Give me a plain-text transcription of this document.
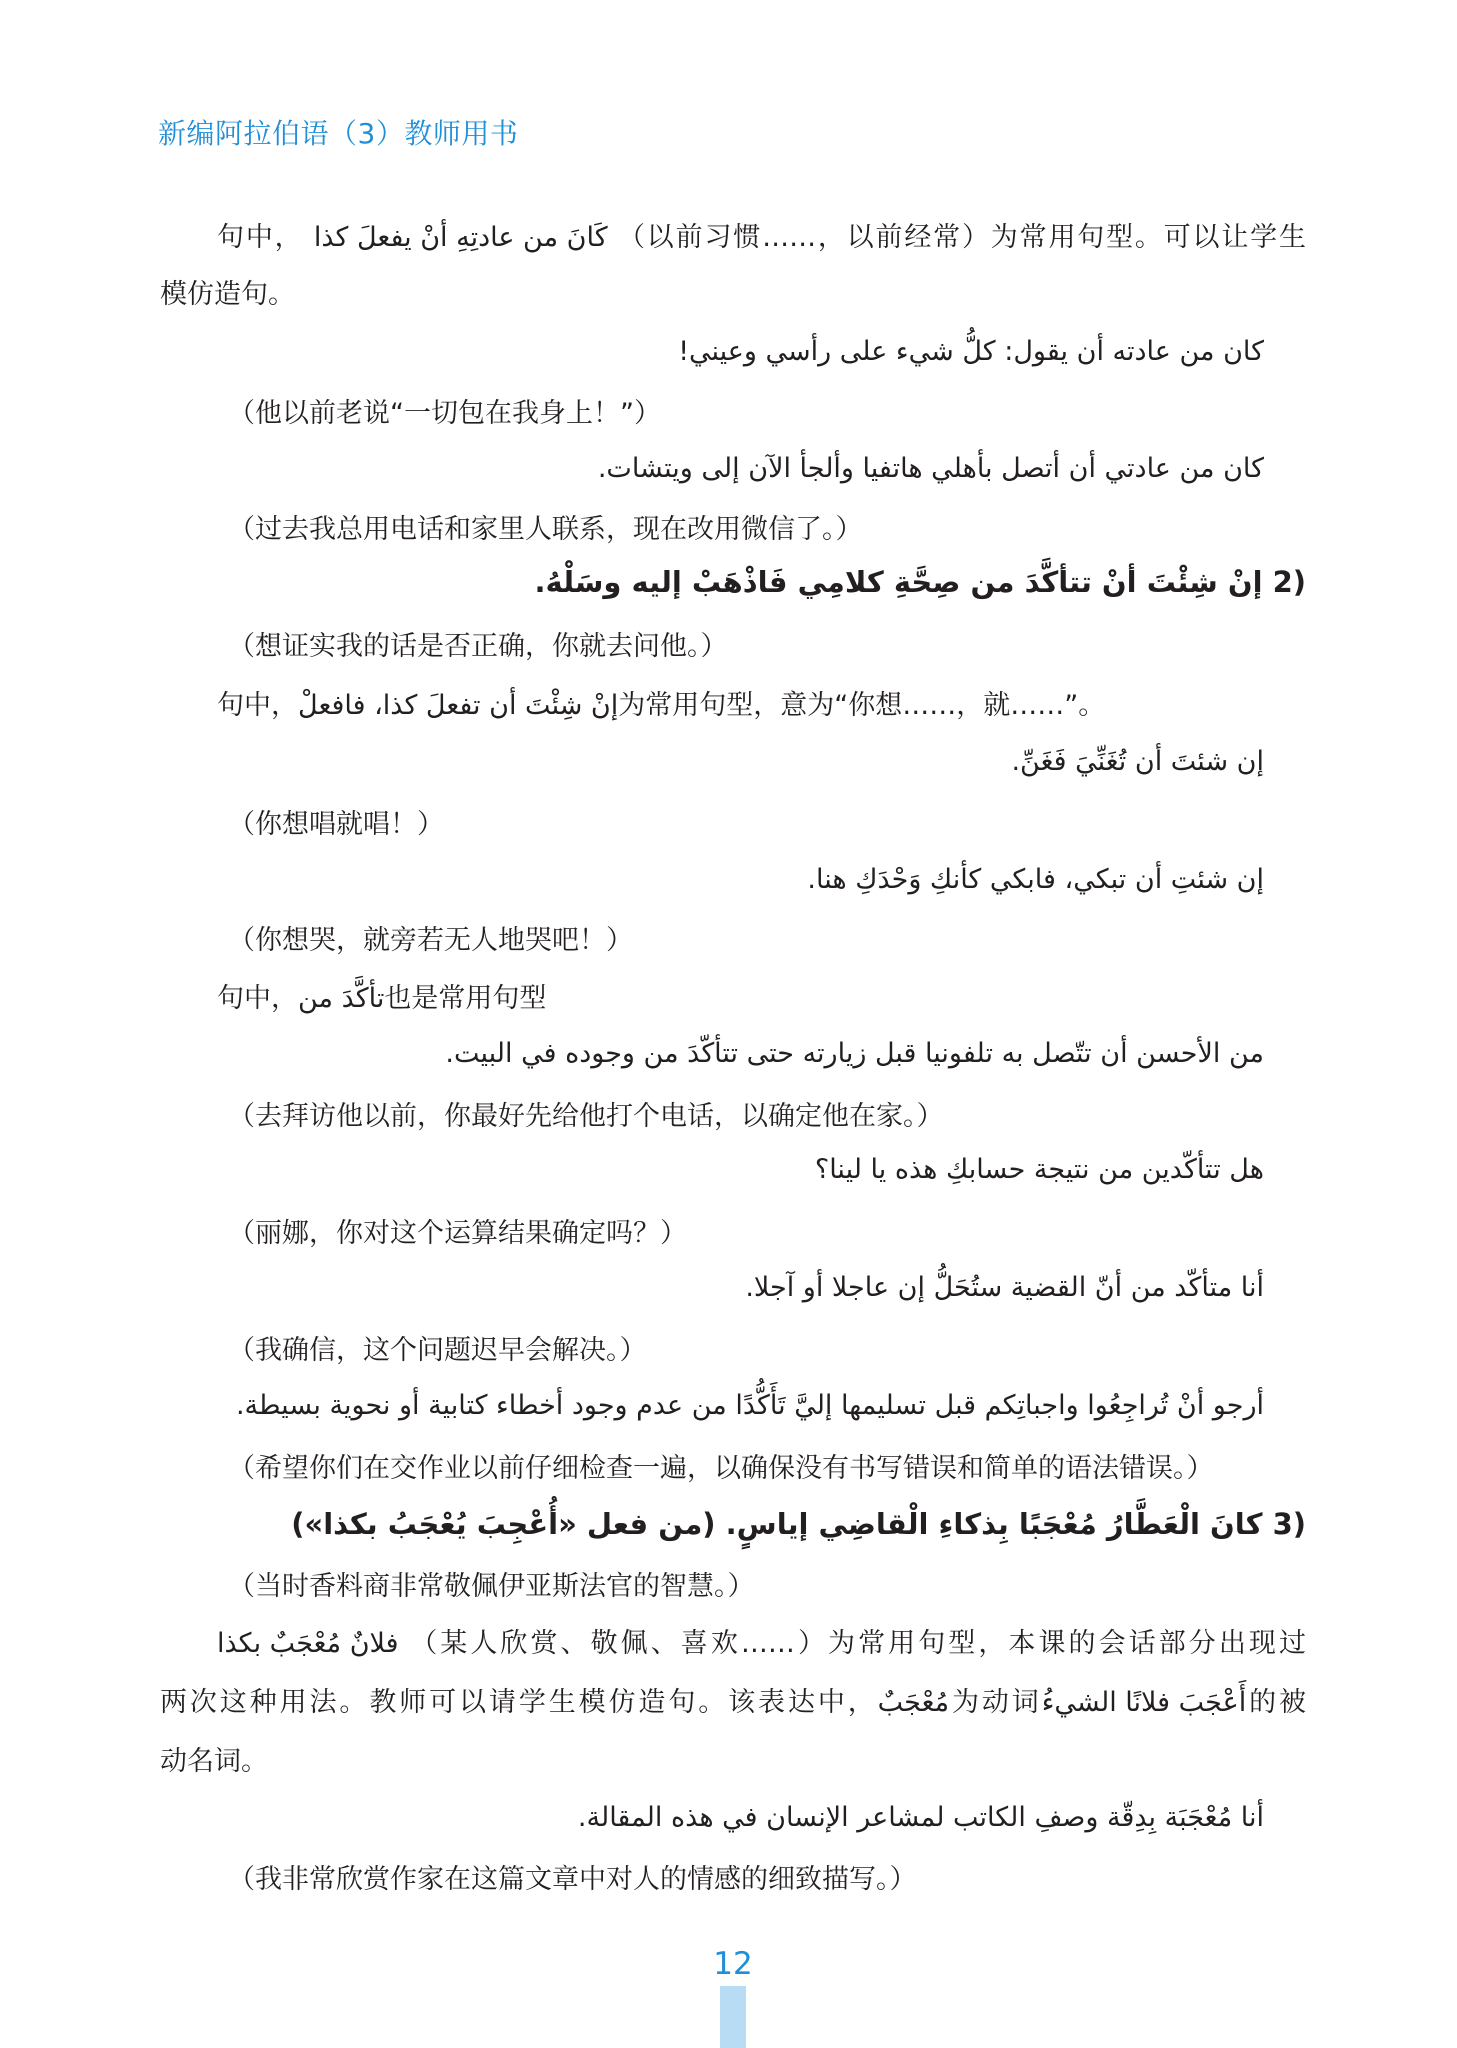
新编阿拉伯语（3）教师用书
句中， كَانَ من عادتِهِ أنْ يفعلَ كذا （以前习惯……，以前经常）为常用句型。可以让学生
模仿造句。
كان من عادته أن يقول: كلُّ شيء على رأسي وعيني!
（他以前老说“一切包在我身上！”）
كان من عادتي أن أتصل بأهلي هاتفيا وألجأ الآن إلى ويتشات.
（过去我总用电话和家里人联系，现在改用微信了。）
2)إنْ شِئْتَ أنْ تتأكَّدَ من صِحَّةِ كلامِي فَاذْهَبْ إليه وسَلْهُ.
（想证实我的话是否正确，你就去问他。）
句中，إنْ شِئْتَ أن تفعلَ كذا، فافعلْ为常用句型，意为“你想……，就……”。
إن شئتَ أن تُغَنِّيَ فَغَنِّ.
（你想唱就唱！）
إن شئتِ أن تبكي، فابكي كأنكِ وَحْدَكِ هنا.
（你想哭，就旁若无人地哭吧！）
句中，تأكَّدَ من也是常用句型
من الأحسن أن تتّصل به تلفونيا قبل زيارته حتى تتأكّدَ من وجوده في البيت.
（去拜访他以前，你最好先给他打个电话，以确定他在家。）
هل تتأكّدين من نتيجة حسابكِ هذه يا لينا؟
（丽娜，你对这个运算结果确定吗？）
أنا متأكّد من أنّ القضية ستُحَلُّ إن عاجلا أو آجلا.
（我确信，这个问题迟早会解决。）
أرجو أنْ تُراجِعُوا واجباتِكم قبل تسليمها إليَّ تَأَكُّدًا من عدم وجود أخطاء كتابية أو نحوية بسيطة.
（希望你们在交作业以前仔细检查一遍，以确保没有书写错误和简单的语法错误。）
3)كانَ الْعَطَّارُ مُعْجَبًا بِذكاءِ الْقاضِي إياسٍ. (من فعل «أُعْجِبَ يُعْجَبُ بكذا»)
（当时香料商非常敬佩伊亚斯法官的智慧。）
فلانٌ مُعْجَبٌ بكذا （某人欣赏、敬佩、喜欢……）为常用句型，本课的会话部分出现过
两次这种用法。教师可以请学生模仿造句。该表达中，مُعْجَبٌ为动词أَعْجَبَ فلانًا الشيءُ的被
动名词。
أنا مُعْجَبَة بِدِقّة وصفِ الكاتب لمشاعر الإنسان في هذه المقالة.
（我非常欣赏作家在这篇文章中对人的情感的细致描写。）
12
